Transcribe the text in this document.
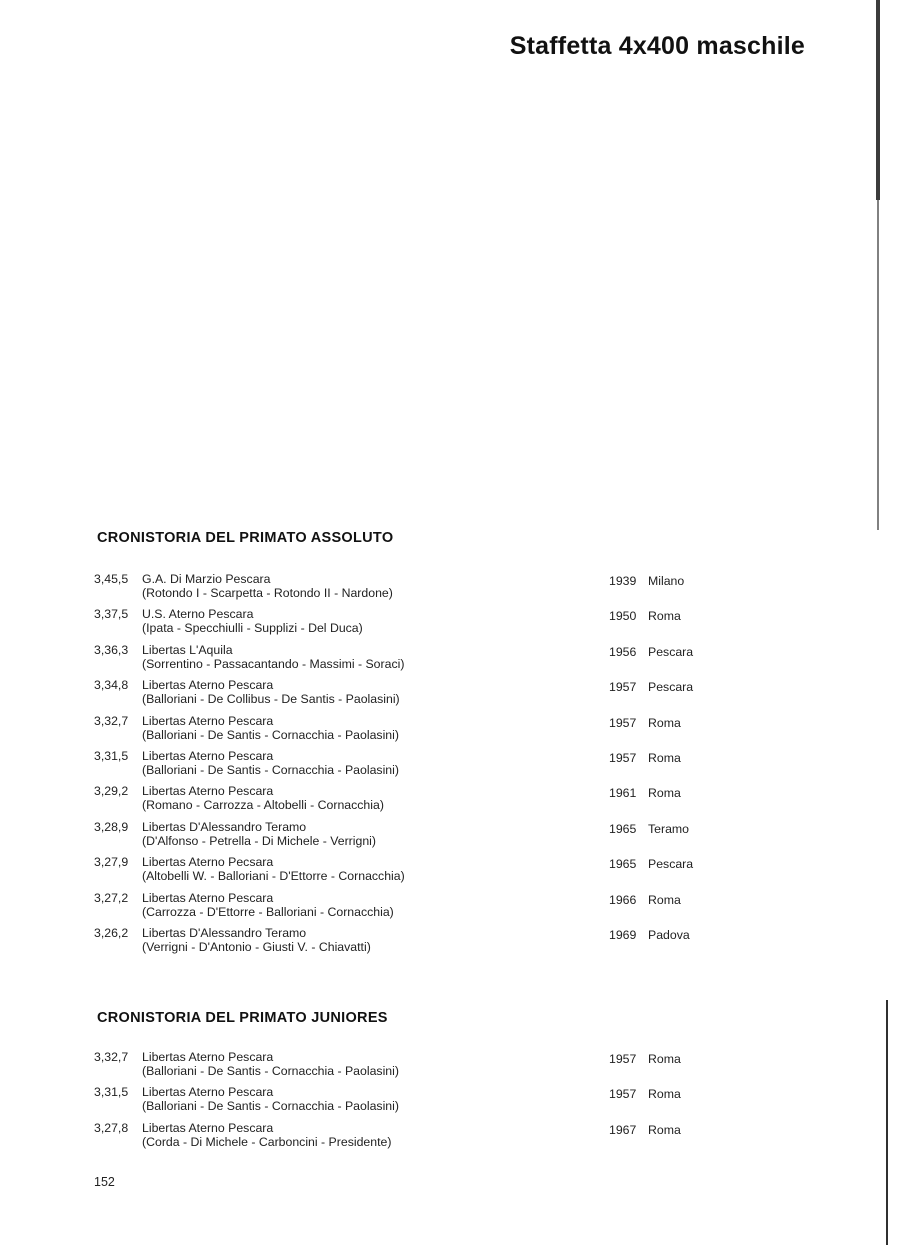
Staffetta 4x400 maschile
CRONISTORIA DEL PRIMATO ASSOLUTO
3,45,5 G.A. Di Marzio Pescara
(Rotondo I - Scarpetta - Rotondo II - Nardone)
1939 Milano
3,37,5 U.S. Aterno Pescara
(Ipata - Specchiulli - Supplizi - Del Duca)
1950 Roma
3,36,3 Libertas L'Aquila
(Sorrentino - Passacantando - Massimi - Soraci)
1956 Pescara
3,34,8 Libertas Aterno Pescara
(Balloriani - De Collibus - De Santis - Paolasini)
1957 Pescara
3,32,7 Libertas Aterno Pescara
(Balloriani - De Santis - Cornacchia - Paolasini)
1957 Roma
3,31,5 Libertas Aterno Pescara
(Balloriani - De Santis - Cornacchia - Paolasini)
1957 Roma
3,29,2 Libertas Aterno Pescara
(Romano - Carrozza - Altobelli - Cornacchia)
1961 Roma
3,28,9 Libertas D'Alessandro Teramo
(D'Alfonso - Petrella - Di Michele - Verrigni)
1965 Teramo
3,27,9 Libertas Aterno Pecsara
(Altobelli W. - Balloriani - D'Ettorre - Cornacchia)
1965 Pescara
3,27,2 Libertas Aterno Pescara
(Carrozza - D'Ettorre - Balloriani - Cornacchia)
1966 Roma
3,26,2 Libertas D'Alessandro Teramo
(Verrigni - D'Antonio - Giusti V. - Chiavatti)
1969 Padova
CRONISTORIA DEL PRIMATO JUNIORES
3,32,7 Libertas Aterno Pescara
(Balloriani - De Santis - Cornacchia - Paolasini)
1957 Roma
3,31,5 Libertas Aterno Pescara
(Balloriani - De Santis - Cornacchia - Paolasini)
1957 Roma
3,27,8 Libertas Aterno Pescara
(Corda - Di Michele - Carboncini - Presidente)
1967 Roma
152
